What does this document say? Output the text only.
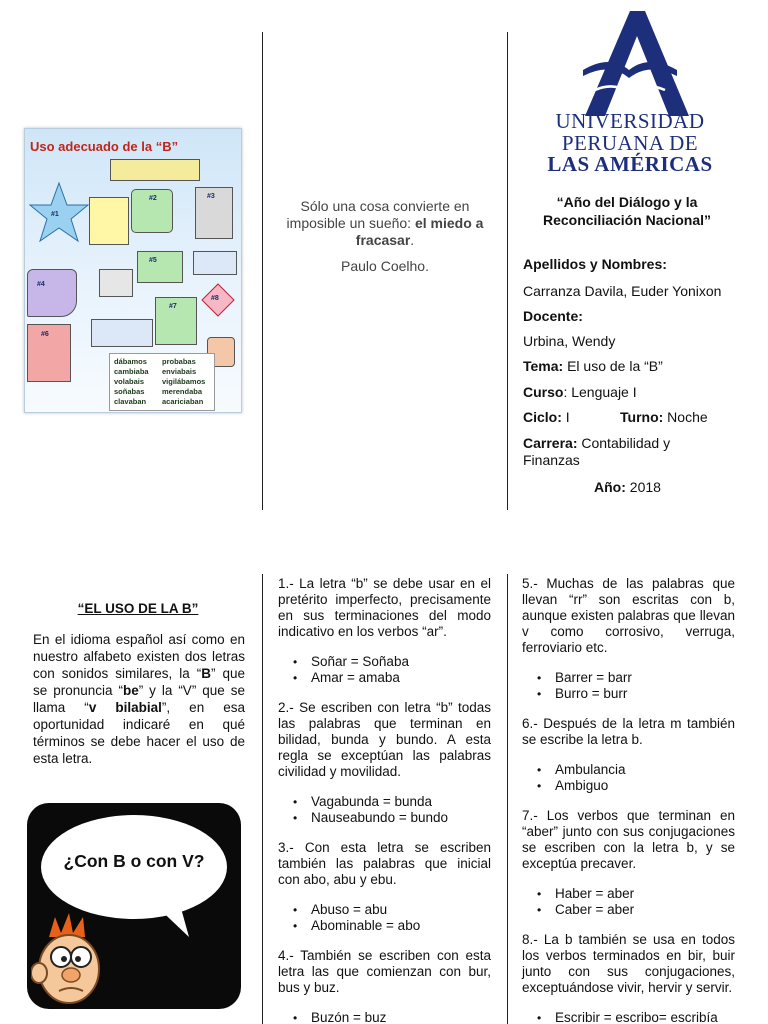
Uso adecuado de la “B”
#1
#2	#3
#4
#5
#6
#7
#8
dábamos
cambiaba
volabais
soñabas
clavaban
probabas
enviabais
vigilábamos
merendaba
acariciaban

Sólo una cosa convierte en imposible un sueño: el miedo a fracasar.

Paulo Coelho.

UNIVERSIDAD
PERUANA DE
LAS AMÉRICAS
“Año del Diálogo y la Reconciliación Nacional”
Apellidos y Nombres:
Carranza Davila, Euder Yonixon
Docente:
Urbina, Wendy
Tema: El uso de la “B”
Curso: Lenguaje I
Ciclo: I	Turno: Noche
Carrera: Contabilidad y Finanzas
Año: 2018
“EL USO DE LA B”

En el idioma español así como en nuestro alfabeto existen dos letras con sonidos similares, la “B” que se pronuncia “be” y la “V” que se llama “v bilabial”, en esa oportunidad indicaré en qué términos se debe hacer el uso de esta letra.

¿Con B o con V?

1.- La letra “b” se debe usar en el pretérito imperfecto, precisamente en sus terminaciones del modo indicativo en los verbos “ar”.

• Soñar = Soñaba
• Amar = amaba

2.- Se escriben con letra “b” todas las palabras que terminan en bilidad, bunda y bundo. A esta regla se exceptúan las palabras civilidad y movilidad.

• Vagabunda = bunda
• Nauseabundo = bundo

3.- Con esta letra se escriben también las palabras que inicial con abo, abu y ebu.

• Abuso = abu
• Abominable = abo

4.- También se escriben con esta letra las que comienzan con bur, bus y buz.

• Buzón = buz

5.- Muchas de las palabras que llevan “rr” son escritas con b, aunque existen palabras que llevan v como corrosivo, verruga, ferroviario etc.

• Barrer = barr
• Burro = burr

6.- Después de la letra m también se escribe la letra b.

• Ambulancia
• Ambiguo

7.- Los verbos que terminan en “aber” junto con sus conjugaciones se escriben con la letra b, y se exceptúa precaver.

• Haber = aber
• Caber = aber

8.- La b también se usa en todos los verbos terminados en bir, buir junto con sus conjugaciones, exceptuándose vivir, hervir y servir.

• Escribir = escribo= escribía
